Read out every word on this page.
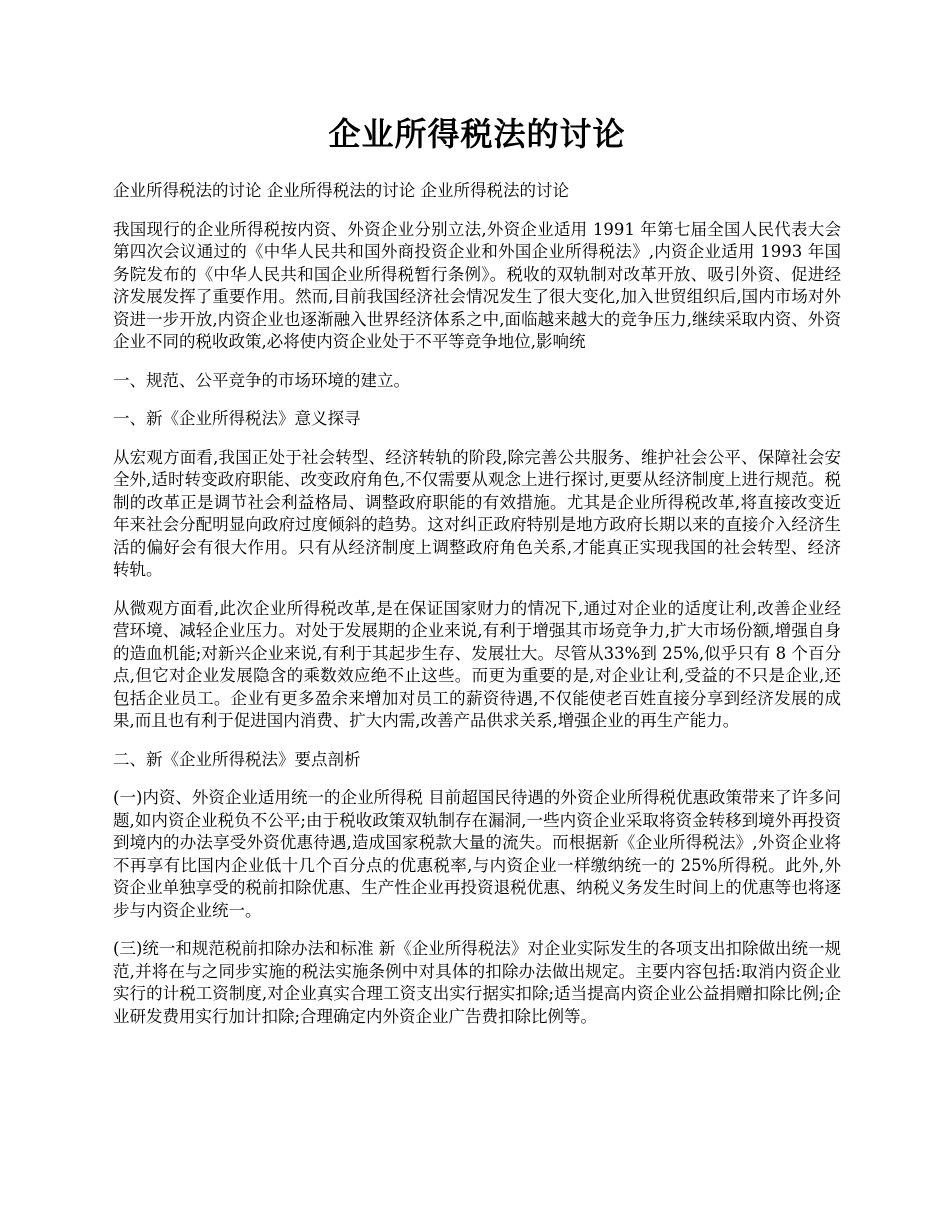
企业所得税法的讨论

企业所得税法的讨论 企业所得税法的讨论 企业所得税法的讨论

我国现行的企业所得税按内资、外资企业分别立法,外资企业适用 1991 年第七届全国人民代表大会第四次会议通过的《中华人民共和国外商投资企业和外国企业所得税法》,内资企业适用 1993 年国务院发布的《中华人民共和国企业所得税暂行条例》。税收的双轨制对改革开放、吸引外资、促进经济发展发挥了重要作用。然而,目前我国经济社会情况发生了很大变化,加入世贸组织后,国内市场对外资进一步开放,内资企业也逐渐融入世界经济体系之中,面临越来越大的竞争压力,继续采取内资、外资企业不同的税收政策,必将使内资企业处于不平等竞争地位,影响统

一、规范、公平竞争的市场环境的建立。

一、新《企业所得税法》意义探寻

从宏观方面看,我国正处于社会转型、经济转轨的阶段,除完善公共服务、维护社会公平、保障社会安全外,适时转变政府职能、改变政府角色,不仅需要从观念上进行探讨,更要从经济制度上进行规范。税制的改革正是调节社会利益格局、调整政府职能的有效措施。尤其是企业所得税改革,将直接改变近年来社会分配明显向政府过度倾斜的趋势。这对纠正政府特别是地方政府长期以来的直接介入经济生活的偏好会有很大作用。只有从经济制度上调整政府角色关系,才能真正实现我国的社会转型、经济转轨。

从微观方面看,此次企业所得税改革,是在保证国家财力的情况下,通过对企业的适度让利,改善企业经营环境、减轻企业压力。对处于发展期的企业来说,有利于增强其市场竞争力,扩大市场份额,增强自身的造血机能;对新兴企业来说,有利于其起步生存、发展壮大。尽管从33%到 25%,似乎只有 8 个百分点,但它对企业发展隐含的乘数效应绝不止这些。而更为重要的是,对企业让利,受益的不只是企业,还包括企业员工。企业有更多盈余来增加对员工的薪资待遇,不仅能使老百姓直接分享到经济发展的成果,而且也有利于促进国内消费、扩大内需,改善产品供求关系,增强企业的再生产能力。

二、新《企业所得税法》要点剖析

(一)内资、外资企业适用统一的企业所得税 目前超国民待遇的外资企业所得税优惠政策带来了许多问题,如内资企业税负不公平;由于税收政策双轨制存在漏洞,一些内资企业采取将资金转移到境外再投资到境内的办法享受外资优惠待遇,造成国家税款大量的流失。而根据新《企业所得税法》,外资企业将不再享有比国内企业低十几个百分点的优惠税率,与内资企业一样缴纳统一的 25%所得税。此外,外资企业单独享受的税前扣除优惠、生产性企业再投资退税优惠、纳税义务发生时间上的优惠等也将逐步与内资企业统一。

(三)统一和规范税前扣除办法和标准 新《企业所得税法》对企业实际发生的各项支出扣除做出统一规范,并将在与之同步实施的税法实施条例中对具体的扣除办法做出规定。主要内容包括:取消内资企业实行的计税工资制度,对企业真实合理工资支出实行据实扣除;适当提高内资企业公益捐赠扣除比例;企业研发费用实行加计扣除;合理确定内外资企业广告费扣除比例等。
